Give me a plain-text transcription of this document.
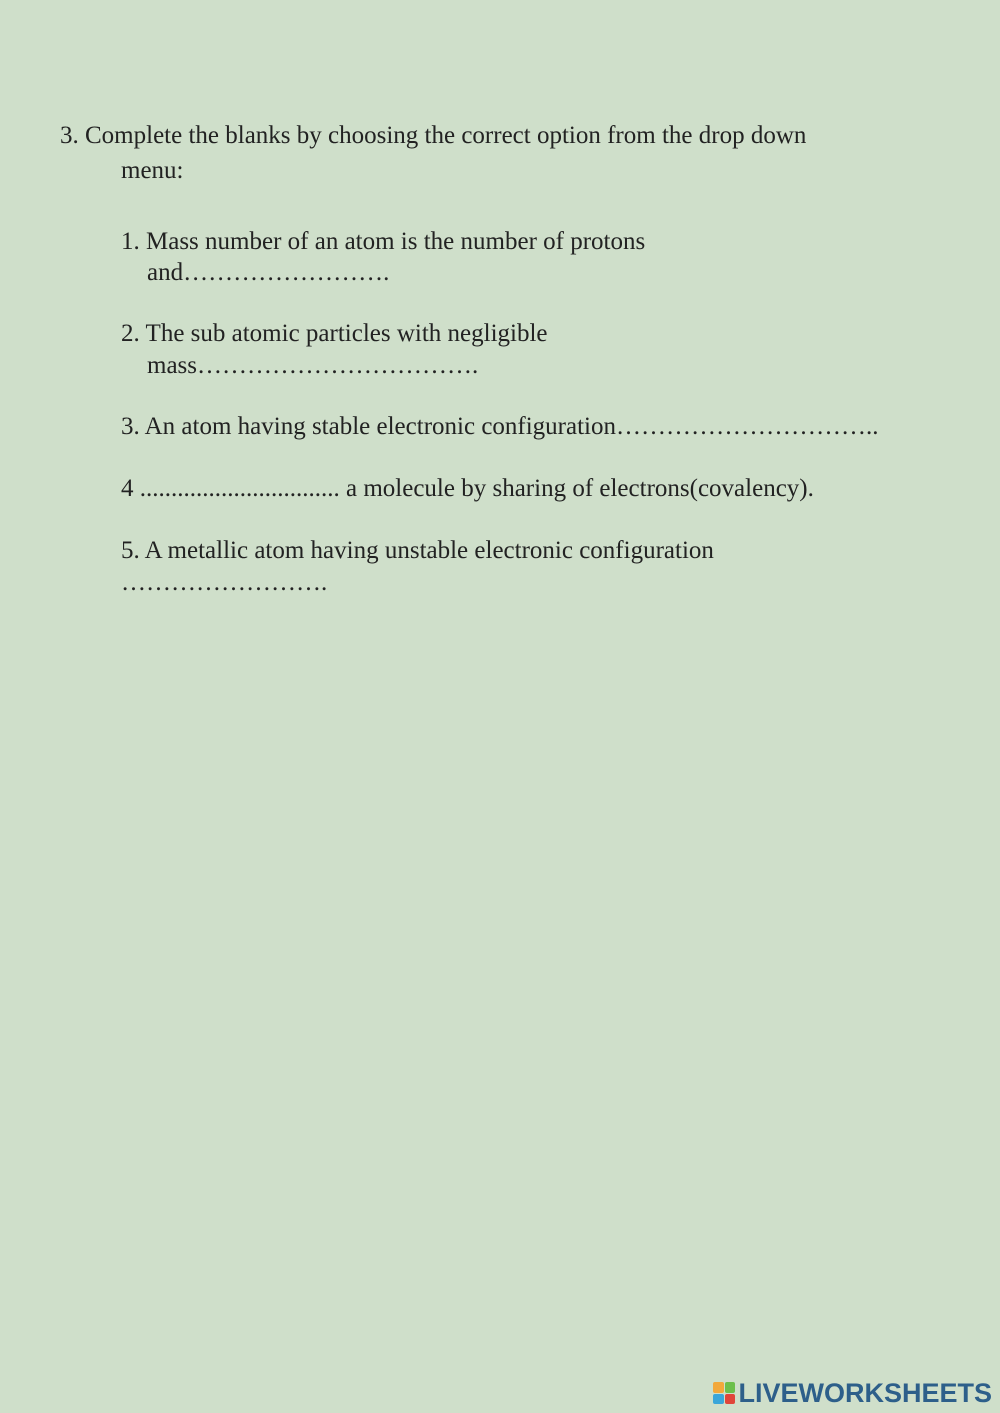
3. Complete the blanks by choosing the correct option from the drop down
menu:
1. Mass number of an atom is the number of protons
and…………………….
2. The sub atomic particles with negligible
mass…………………………….
3. An atom having stable electronic configuration…………………………..
4 ................................ a molecule by sharing of electrons(covalency).
5. A metallic atom having unstable electronic configuration
…………………….
LIVEWORKSHEETS
